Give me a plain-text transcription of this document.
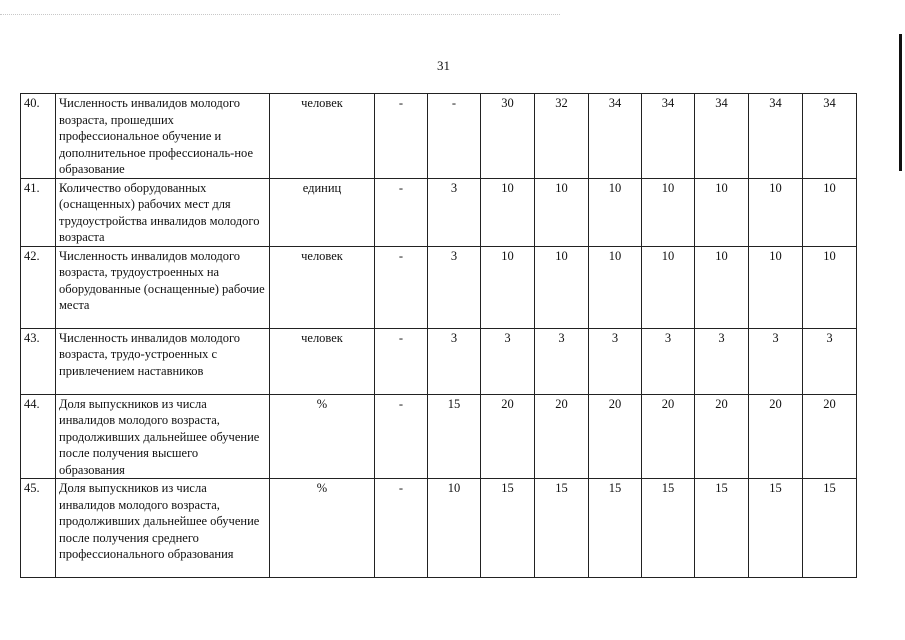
31
40.	Численность инвалидов молодого возраста, прошедших профессиональное обучение и дополнительное профессиональ-ное образование	человек	-	-	30	32	34	34	34	34	34
41.	Количество оборудованных (оснащенных) рабочих мест для трудоустройства инвалидов молодого возраста	единиц	-	3	10	10	10	10	10	10	10
42.	Численность инвалидов молодого возраста, трудоустроенных на оборудованные (оснащенные) рабочие места	человек	-	3	10	10	10	10	10	10	10
43.	Численность инвалидов молодого возраста, трудо-устроенных с привлечением наставников	человек	-	3	3	3	3	3	3	3	3
44.	Доля выпускников из числа инвалидов молодого возраста, продолживших дальнейшее обучение после получения высшего образования	%	-	15	20	20	20	20	20	20	20
45.	Доля выпускников из числа инвалидов молодого возраста, продолживших дальнейшее обучение после получения среднего профессионального образования	%	-	10	15	15	15	15	15	15	15
